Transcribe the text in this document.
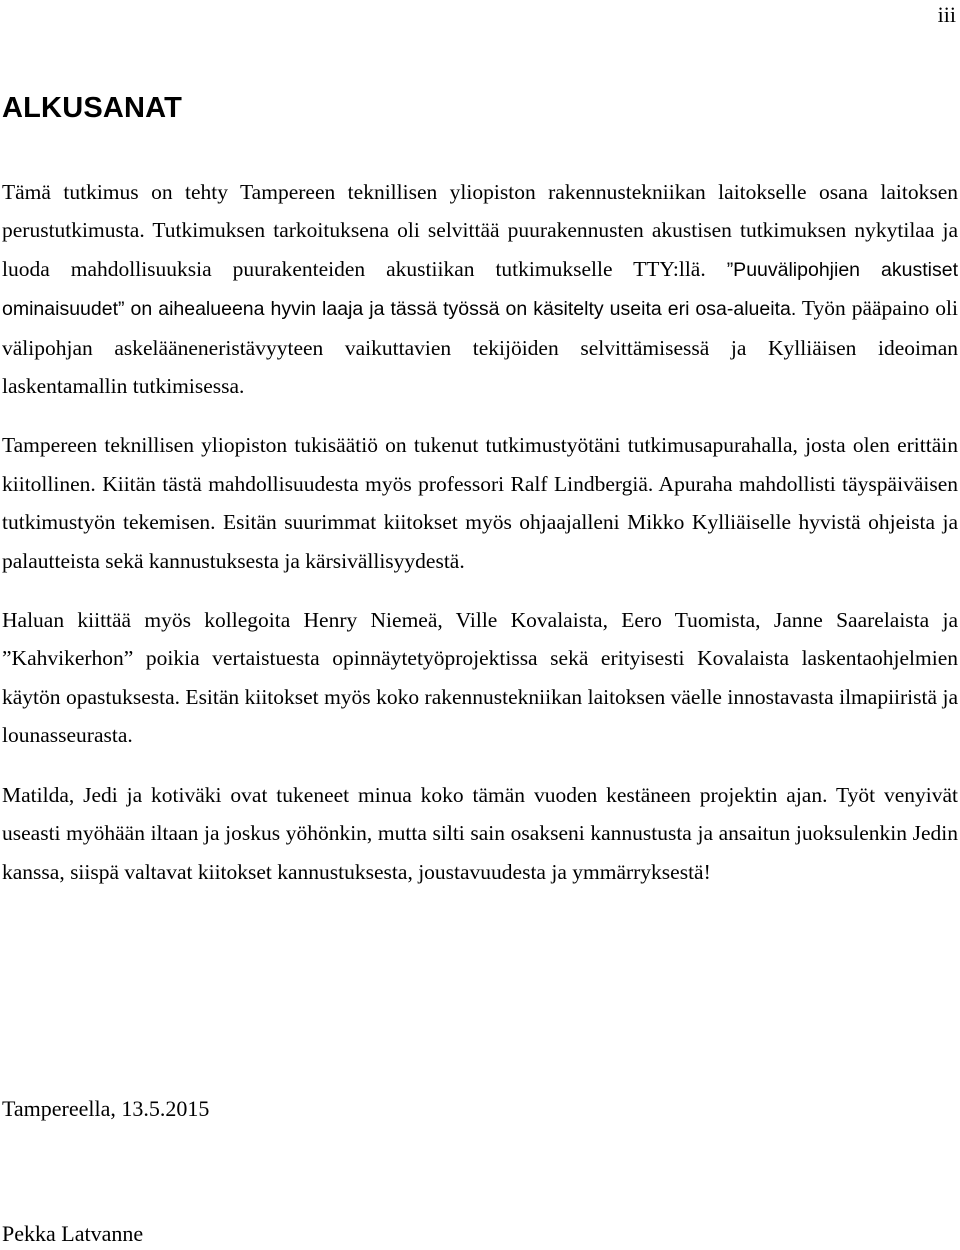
iii
ALKUSANAT

Tämä tutkimus on tehty Tampereen teknillisen yliopiston rakennustekniikan laitokselle osana laitoksen perustutkimusta. Tutkimuksen tarkoituksena oli selvittää puurakennusten akustisen tutkimuksen nykytilaa ja luoda mahdollisuuksia puurakenteiden akustiikan tutkimukselle TTY:llä. ”Puuvälipohjien akustiset ominaisuudet” on aihealueena hyvin laaja ja tässä työssä on käsitelty useita eri osa-alueita. Työn pääpaino oli välipohjan askelääneneristävyyteen vaikuttavien tekijöiden selvittämisessä ja Kylliäisen ideoiman laskentamallin tutkimisessa.

Tampereen teknillisen yliopiston tukisäätiö on tukenut tutkimustyötäni tutkimusapurahalla, josta olen erittäin kiitollinen. Kiitän tästä mahdollisuudesta myös professori Ralf Lindbergiä. Apuraha mahdollisti täyspäiväisen tutkimustyön tekemisen. Esitän suurimmat kiitokset myös ohjaajalleni Mikko Kylliäiselle hyvistä ohjeista ja palautteista sekä kannustuksesta ja kärsivällisyydestä.

Haluan kiittää myös kollegoita Henry Niemeä, Ville Kovalaista, Eero Tuomista, Janne Saarelaista ja ”Kahvikerhon” poikia vertaistuesta opinnäytetyöprojektissa sekä erityisesti Kovalaista laskentaohjelmien käytön opastuksesta. Esitän kiitokset myös koko rakennustekniikan laitoksen väelle innostavasta ilmapiiristä ja lounasseurasta.

Matilda, Jedi ja kotiväki ovat tukeneet minua koko tämän vuoden kestäneen projektin ajan. Työt venyivät useasti myöhään iltaan ja joskus yöhönkin, mutta silti sain osakseni kannustusta ja ansaitun juoksulenkin Jedin kanssa, siispä valtavat kiitokset kannustuksesta, joustavuudesta ja ymmärryksestä!

Tampereella, 13.5.2015

Pekka Latvanne
